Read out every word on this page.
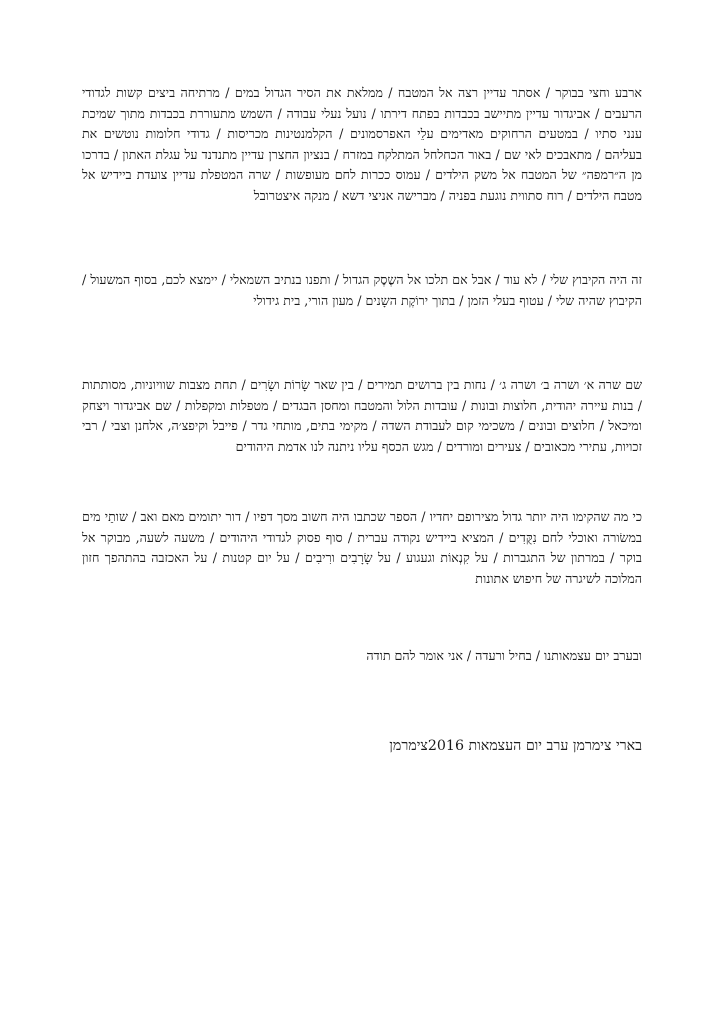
ארבע וחצי בבוקר / אסתר עדיין רצה אל המטבח / ממלאת את הסיר הגדול במים / מרתיחה ביצים קשות לגדודי הרעבים / אביגדור עדיין מתיישב בכבדות בפתח דירתו / נועל נעלי עבודה / השמש מתעוררת בכבדות מתוך שמיכת ענני סתיו / במטעים הרחוקים מאדימים עלֵי האפרסמונים / הקלמנטינות מכריסות / גדודי חלומות נוטשים את בעליהם / מתאבכים לאי שם / באור הכחלחל המתלקח במזרח / בנציון החצרן עדיין מתנדנד על עגלת האתון / בדרכו מן ה״רמפה״ של המטבח אל משק הילדים / עמוס ככרות לחם מעופשות / שרה המטפלת עדיין צועדת ביידיש אל מטבח הילדים / רוח סתווית נוגעת בפניה / מברישה אניצי דשא / מנקה איצטרובל

זה היה הקיבוץ שלי / לא עוד / אבל אם תלכו אל השֶסֶק הגדול / ותפנו בנתיב השמאלי / יימצא לכם, בסוף המשעול / הקיבוץ שהיה שלי / עטוף בעלי הזמן / בתוך ירוֹקֶת השָנים / מעון הורי, בית גידולי

שם שרה א׳ ושרה ב׳ ושרה ג׳ / נחות בין ברושים תמירים / בין שאר שָׂרוֹת ושָׂרִים / תחת מצבות שוויוניות, מסותתות / בנות עיירה יהודית, חלוצות ובונות / עובדות הלול והמטבח ומחסן הבגדים / מטפלות ומקפלות / שם אביגדור ויצחק ומיכאל / חלוצים ובונים / משכימי קום לעבודת השדה / מקימי בתים, מותחי גדר / פייבל וקיפצ׳ה, אלחנן וצבי / רבי זכויות, עתירי מכאובים / צעירים ומורדים / מגש הכסף עליו ניתנה לנו אדמת היהודים

כי מה שהקימו היה יותר גדול מצירופם יחדיו / הספר שכתבו היה חשוב מסך דפיו / דור יתומים מאם ואב / שותֵי מים במשׂורה ואוכלי לחם נִקֻּדִים / המציא ביידיש נקודה עברית / סוף פסוק לגדודי היהודים / משעה לשעה, מבוקר אל בוקר / במרתון של התגברות / על קִנְאוֹת וגעגוע / על שָׂרָבִים ורִיבִים / על יום קטנות / על האכזבה בהתהפך חזון המלוכה לשיגרה של חיפוש אתונות

ובערב יום עצמאותנו / בחיל ורעדה / אני אומר להם תודה

בארי צימרמן ערב יום העצמאות 2016צימרמן
